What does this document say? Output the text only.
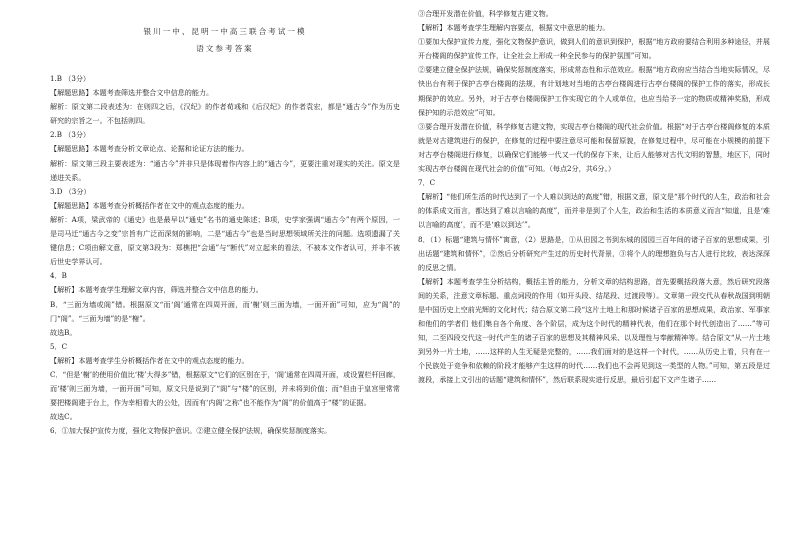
银川一中、昆明一中高三联合考试一模
语文参考答案

1.B （3分）

【解题思路】本题考查筛选并整合文中信息的能力。

解析：原文第二段表述为：在则四之后，《汉纪》的作者荀彧和《后汉纪》的作者袁宏，都是“通古今”作为历史研究的宗旨之一。不包括则四。

2.B （3分）

【解题思路】本题考查分析文章论点、论据和论证方法的能力。

解析：原文第三段主要表述为：“通古今”并非只是体现着作内容上的“通古今”，更要注重对现实的关注。原文是递进关系。

3.D （3分）

【解题思路】本题考查分析概括作者在文中的观点态度的能力。

解析：A项，梁武帝的《通史》也是最早以“通史”名书的通史陈述；B项，史学家强调“通古今”有两个原因，一是司马迁“通古今之变”宗旨有广泛而深刻的影响，二是“通古今”也是当时思想领域所关注的问题。选项遗漏了关键信息；C项由解文意，原文第3段为：郑樵把“会通”与“断代”对立起来的看法，不被本文作者认可，并非不被后世史学界认可。

4．B

【解析】本题考查学生理解文章内容，筛选并整合文中信息的能力。

B．“三面为墙或阁”错。根据原文“而‘阁’通常在四周开面，而‘榭’则三面为墙，一面开面”可知，应为“阁”的门“阁”。“三面为墙”的是“榭”。

故选B。

5．C

【解析】本题考查学生分析概括作者在文中的观点态度的能力。

C．“但是‘榭’的使用价值比‘楼’大得多”错，根据原文“它们的区别在于，‘阁’通常在四周开面，或设置栏杆回廊，而‘楼’则三面为墙，一面开面”可知，原文只是说到了“阁”与“楼”的区别，并未将到价值；而“但由于皇宫里常常要把楼阁建于台上，作为幸相看大的公处，因而有‘内阁’之称”也不能作为“阁”的价值高于“楼”的证据。

故选C。

6．①加大保护宣传力度，强化文物保护意识。②建立健全保护法规，确保奖惩制度落实。

③合理开发潜在价值，科学修复古建文物。

【解析】本题考查学生理解内容要点，根据文中意思的能力。

①要加大保护宣传力度，强化文物保护意识，做到人们的意识到保护，根据“地方政府要结合利用多种途径，并展开台楼阁的保护宣传工作，让全社会上形成一种全民参与的保护氛围”可知。

②要建立健全保护法规，确保奖惩制度落实，形成常态性和示范效应。根据“地方政府应当结合当地实际情况，尽快出台有利于保护古亭台楼阁的法规，有计划地对当地的古亭台楼阁进行古亭台楼阁的保护工作的落实，形成长期保护的效应。另外，对于古亭台楼阁保护工作实现它的个人或单位，也应当给予一定的物质或精神奖励，形成保护知的示范效应”可知。

③要合理开发潜在价值，科学修复古建文物，实现古亭台楼阁的现代社会价值。根据“对于古亭台楼阁修复的本质就是对古建筑进行的保护，在修复的过程中要注意尽可能和保留原貌，在修复过程中，尽可能在小规模的前提下对古亭台楼阁进行修复，以确保它们能够一代又一代的保存下来，让后人能够对古代文明的智慧，地区下，同时实现古亭台楼阁在现代社会的价值”可知。（每点2分，共6分。）

7．C

【解析】“他们所生活的时代达到了一个人难以到达的高度”错，根据文意，原文是“那个时代的人生，政治和社会的体系成文而言，都达到了难以言喻的高度”，而并非是到了个人生，政治和生活的本质意义而言“知道，且是‘难以言喻的高度’，而不是‘难以到达’”。

8．（1）标题“建筑与情怀”寓意，（2）思路是，①从田园之书到东城的园园三百年间的诸子百家的思想成果，引出话题“建筑和情怀”，②然后分析研究产生过的历史时代背景，③将个人的理想抱负与古人进行比较，表达深深的反思之情。

【解析】本题考查学生分析结构，概括主旨的能力，分析文章的结构思路，首先要概括段落大意，然后研究段落间的关系，注意文章标题、重点词段的作用（如开头段、结尾段、过渡段等）。文章第一段交代从春秋战国到明朝是中国历史上空前光辉的文化时代；结合原文第二段“这片土地上和那时候诸子百家的思想成果，政治家、军事家和他们的学者们 他们集自各个角度、各个阶层，成为这个时代的精神代表，他们在那个时代创造出了……”等可知，二至四段交代这一时代产生的诸子百家的思想及其精神风采、以及理性与奉献精神等。结合原文“从一片土地到另外一片土地，……这样的人生无疑是完整的，……我们面对的是这样一个时代，……从历史上看，只有在一个民族处于竞争和依赖的阶段才能够产生这样的时代……我们也不会再见到这一类型的人物。”可知，第五段是过渡段，承接上文引出的话题“建筑和情怀”，然后联系现实进行反思，最后引起下文产生诸子……
